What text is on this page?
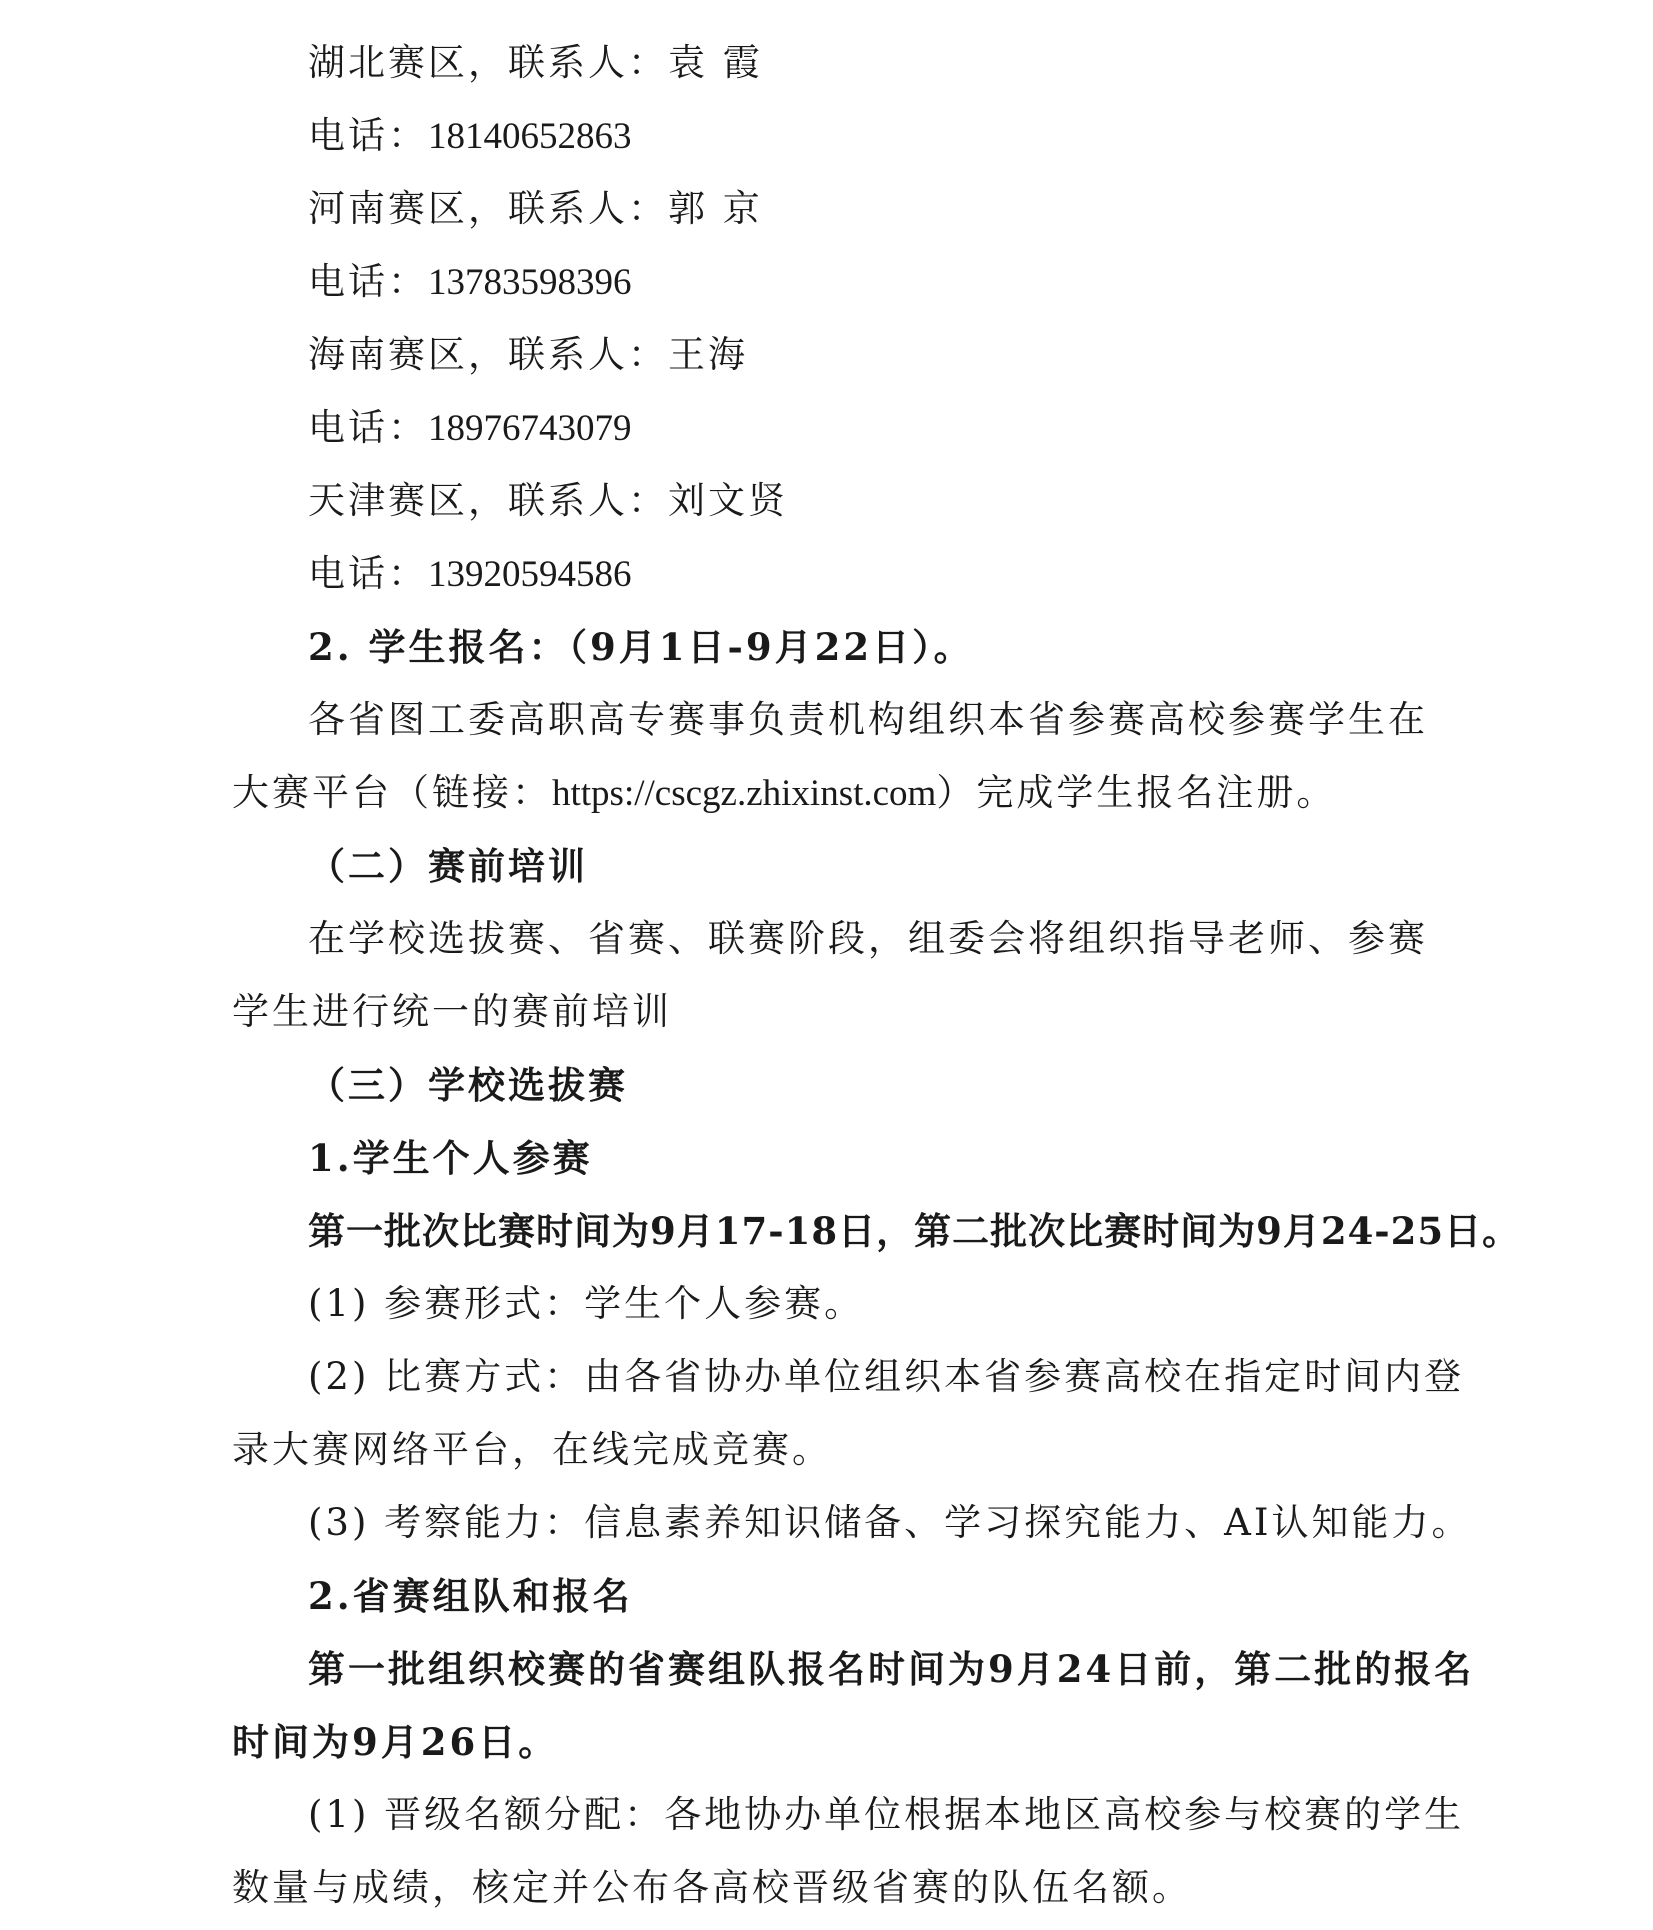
湖北赛区，联系人：袁 霞
电话：18140652863
河南赛区，联系人：郭 京
电话：13783598396
海南赛区，联系人：王海
电话：18976743079
天津赛区，联系人：刘文贤
电话：13920594586
2. 学生报名：（9月1日-9月22日）。
各省图工委高职高专赛事负责机构组织本省参赛高校参赛学生在
大赛平台（链接：https://cscgz.zhixinst.com）完成学生报名注册。
（二）赛前培训
在学校选拔赛、省赛、联赛阶段，组委会将组织指导老师、参赛
学生进行统一的赛前培训
（三）学校选拔赛
1.学生个人参赛
第一批次比赛时间为9月17-18日，第二批次比赛时间为9月24-25日。
(1) 参赛形式：学生个人参赛。
(2) 比赛方式：由各省协办单位组织本省参赛高校在指定时间内登
录大赛网络平台，在线完成竞赛。
(3) 考察能力：信息素养知识储备、学习探究能力、AI认知能力。
2.省赛组队和报名
第一批组织校赛的省赛组队报名时间为9月24日前，第二批的报名
时间为9月26日。
(1) 晋级名额分配：各地协办单位根据本地区高校参与校赛的学生
数量与成绩，核定并公布各高校晋级省赛的队伍名额。
